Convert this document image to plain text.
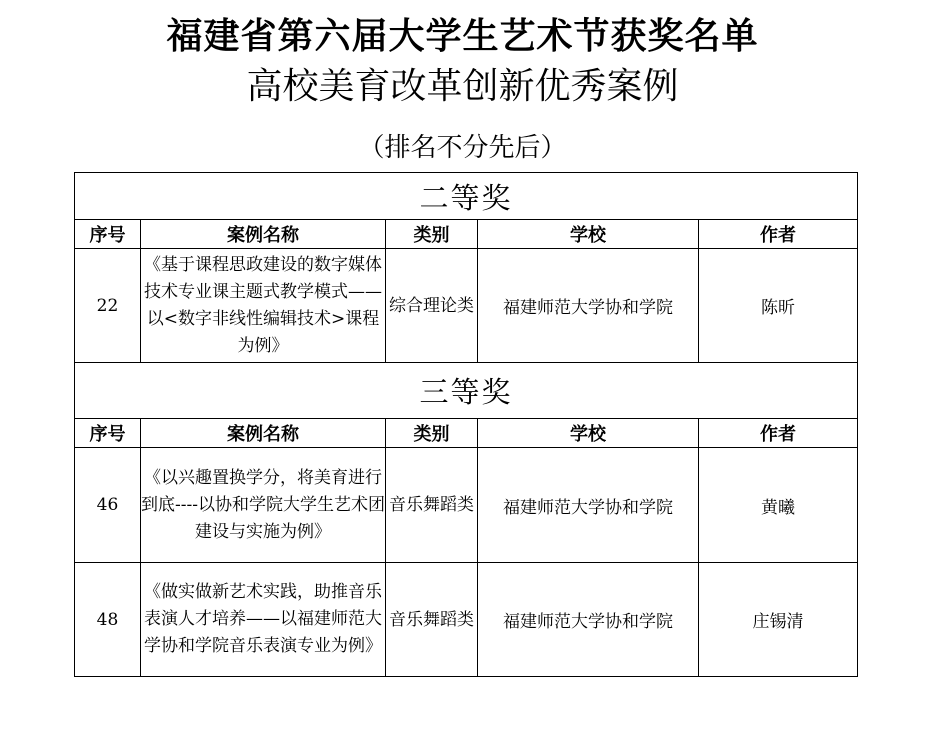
福建省第六届大学生艺术节获奖名单
高校美育改革创新优秀案例
（排名不分先后）
二等奖				
序号	案例名称	类别	学校	作者
22	《基于课程思政建设的数字媒体技术专业课主题式教学模式——以<数字非线性编辑技术>课程为例》	综合理论类	福建师范大学协和学院	陈昕
三等奖				
序号	案例名称	类别	学校	作者
46	《以兴趣置换学分，将美育进行到底----以协和学院大学生艺术团建设与实施为例》	音乐舞蹈类	福建师范大学协和学院	黄曦
48	《做实做新艺术实践，助推音乐表演人才培养——以福建师范大学协和学院音乐表演专业为例》	音乐舞蹈类	福建师范大学协和学院	庄锡清
